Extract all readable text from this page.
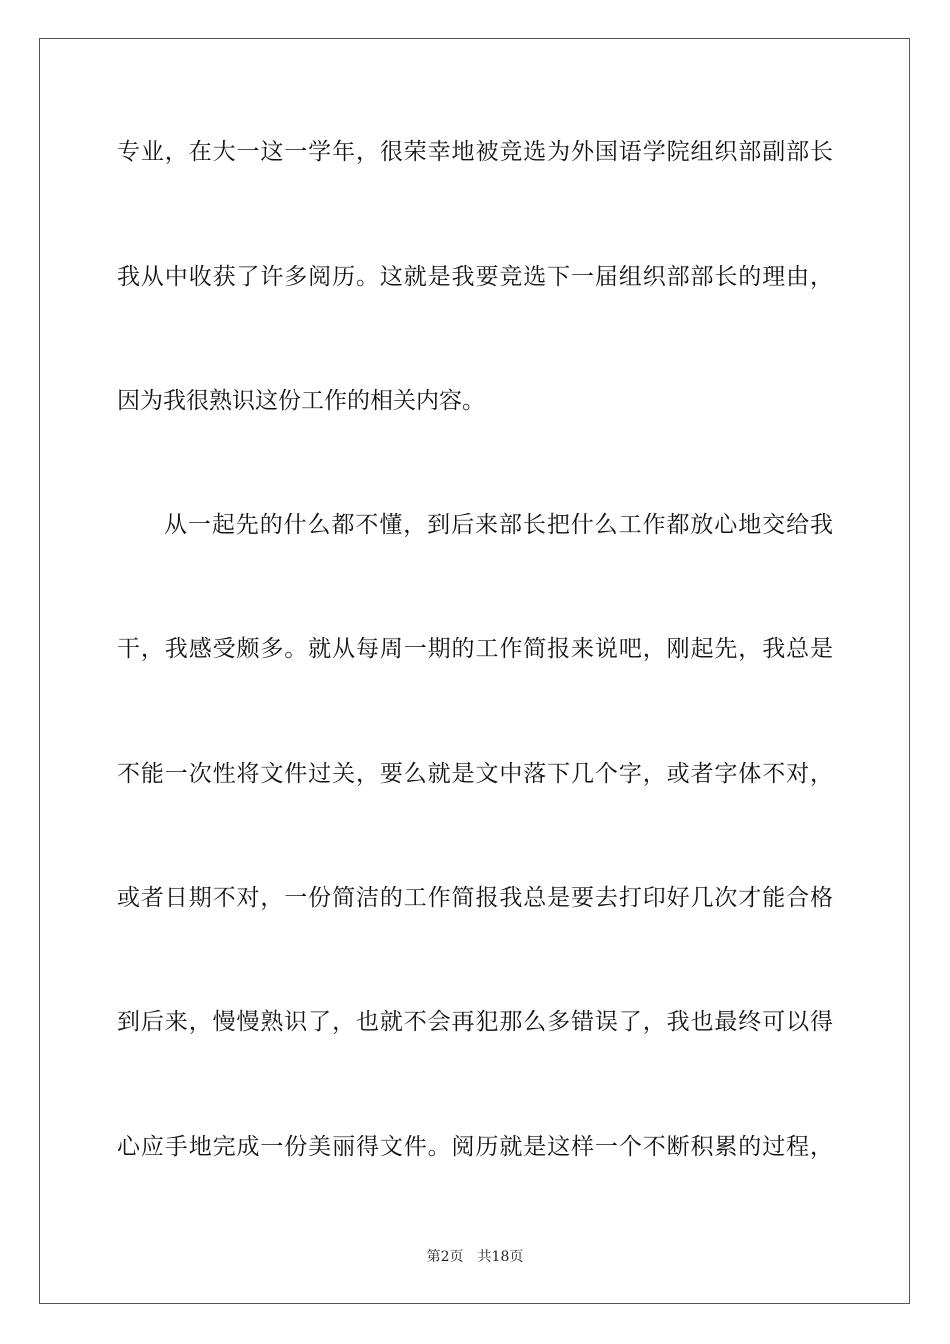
专业，在大一这一学年，很荣幸地被竞选为外国语学院组织部副部长
我从中收获了许多阅历。这就是我要竞选下一届组织部部长的理由，
因为我很熟识这份工作的相关内容。
从一起先的什么都不懂，到后来部长把什么工作都放心地交给我
干，我感受颇多。就从每周一期的工作简报来说吧，刚起先，我总是
不能一次性将文件过关，要么就是文中落下几个字，或者字体不对，
或者日期不对，一份简洁的工作简报我总是要去打印好几次才能合格
到后来，慢慢熟识了，也就不会再犯那么多错误了，我也最终可以得
心应手地完成一份美丽得文件。阅历就是这样一个不断积累的过程，
第2页 共18页
